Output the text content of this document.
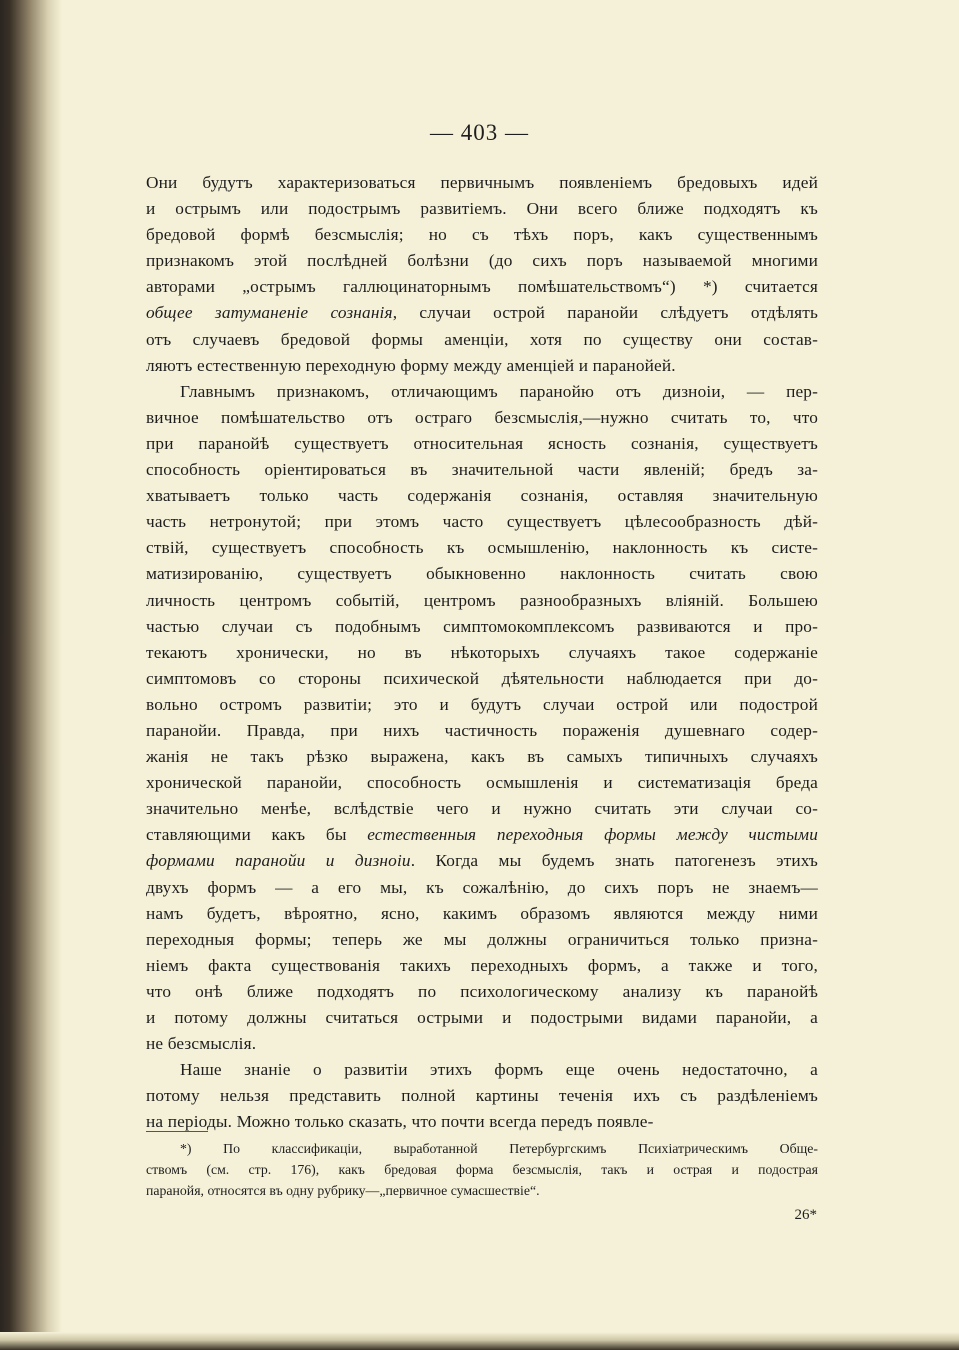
— 403 —
Они будутъ характеризоваться первичнымъ появленіемъ бредовыхъ идей
и острымъ или подострымъ развитіемъ. Они всего ближе подходятъ къ
бредовой формѣ безсмыслія; но съ тѣхъ поръ, какъ существеннымъ
признакомъ этой послѣдней болѣзни (до сихъ поръ называемой многими
авторами „острымъ галлюцинаторнымъ помѣшательствомъ“) *) считается
общее затуманеніе сознанія, случаи острой паранойи слѣдуетъ отдѣлять
отъ случаевъ бредовой формы аменціи, хотя по существу они состав-
ляютъ естественную переходную форму между аменціей и паранойей.
Главнымъ признакомъ, отличающимъ паранойю отъ дизноіи, — пер-
вичное помѣшательство отъ остраго безсмыслія,—нужно считать то, что
при паранойѣ существуетъ относительная ясность сознанія, существуетъ
способность оріентироваться въ значительной части явленій; бредъ за-
хватываетъ только часть содержанія сознанія, оставляя значительную
часть нетронутой; при этомъ часто существуетъ цѣлесообразность дѣй-
ствій, существуетъ способность къ осмышленію, наклонность къ систе-
матизированію, существуетъ обыкновенно наклонность считать свою
личность центромъ событій, центромъ разнообразныхъ вліяній. Большею
частью случаи съ подобнымъ симптомокомплексомъ развиваются и про-
текаютъ хронически, но въ нѣкоторыхъ случаяхъ такое содержаніе
симптомовъ со стороны психической дѣятельности наблюдается при до-
вольно остромъ развитіи; это и будутъ случаи острой или подострой
паранойи. Правда, при нихъ частичность пораженія душевнаго содер-
жанія не такъ рѣзко выражена, какъ въ самыхъ типичныхъ случаяхъ
хронической паранойи, способность осмышленія и систематизація бреда
значительно менѣе, вслѣдствіе чего и нужно считать эти случаи со-
ставляющими какъ бы естественныя переходныя формы между чистыми
формами паранойи и дизноіи. Когда мы будемъ знать патогенезъ этихъ
двухъ формъ — а его мы, къ сожалѣнію, до сихъ поръ не знаемъ—
намъ будетъ, вѣроятно, ясно, какимъ образомъ являются между ними
переходныя формы; теперь же мы должны ограничиться только призна-
ніемъ факта существованія такихъ переходныхъ формъ, а также и того,
что онѣ ближе подходятъ по психологическому анализу къ паранойѣ
и потому должны считаться острыми и подострыми видами паранойи, а
не безсмыслія.
Наше знаніе о развитіи этихъ формъ еще очень недостаточно, а
потому нельзя представить полной картины теченія ихъ съ раздѣленіемъ
на періоды. Можно только сказать, что почти всегда передъ появле-
*) По классификаціи, выработанной Петербургскимъ Психіатрическимъ Обще-
ствомъ (см. стр. 176), какъ бредовая форма безсмыслія, такъ и острая и подострая
паранойя, относятся въ одну рубрику—„первичное сумасшествіе“.
26*
